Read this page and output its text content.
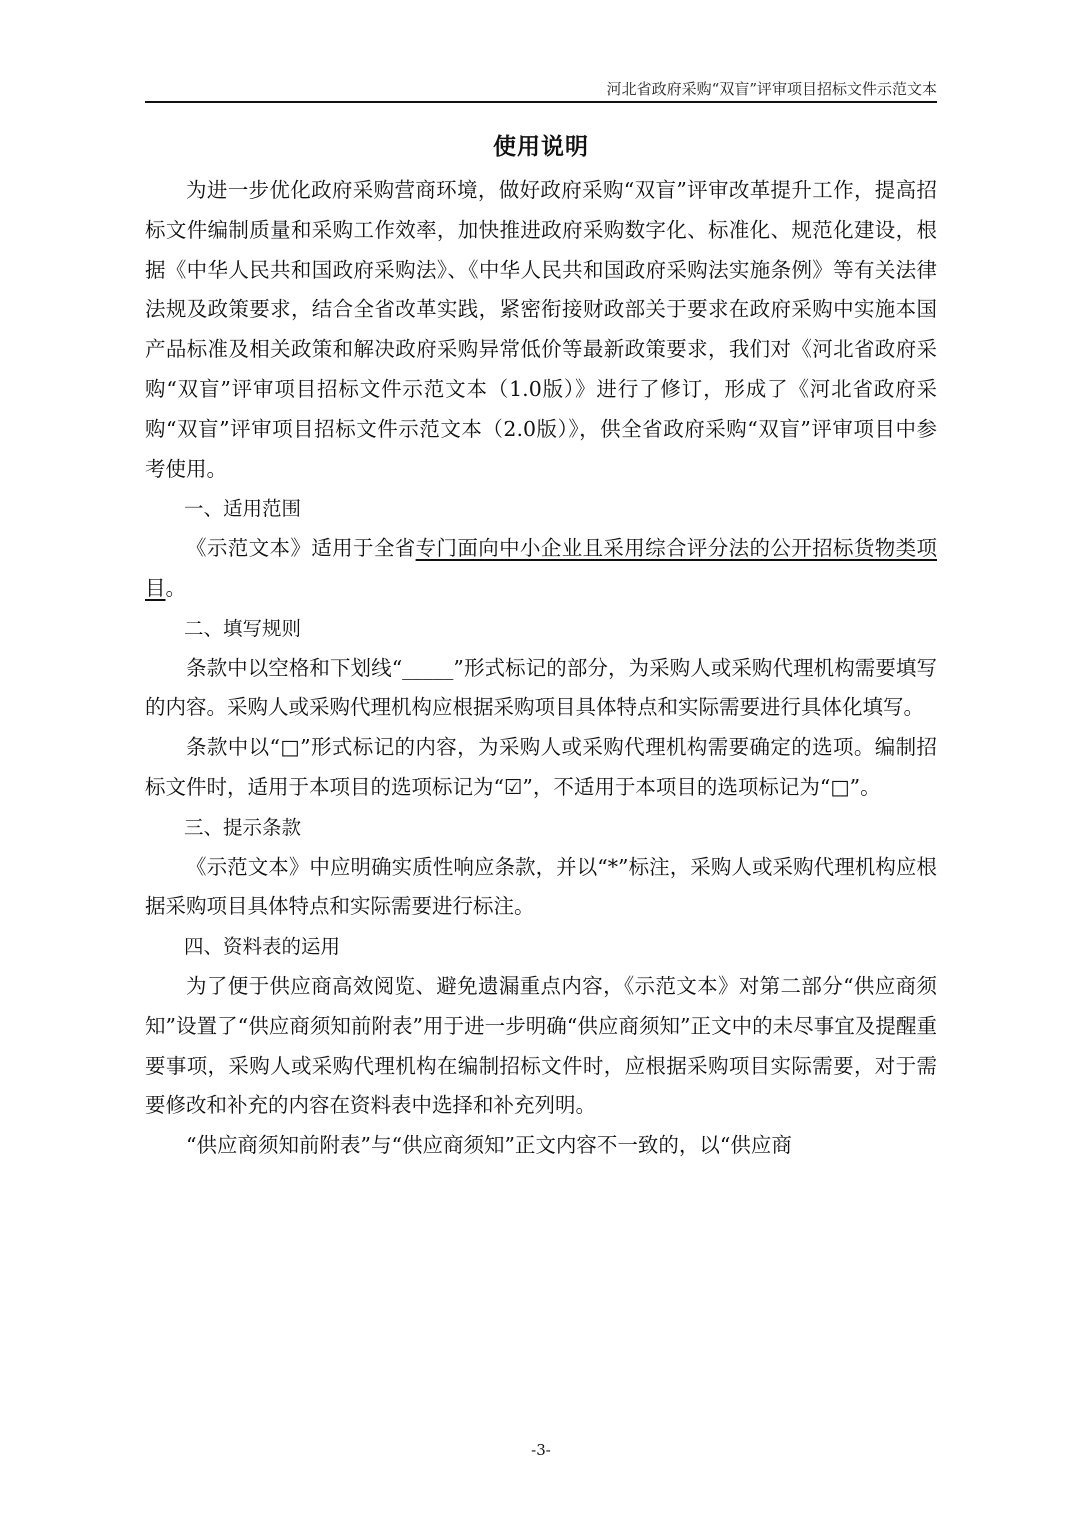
河北省政府采购“双盲”评审项目招标文件示范文本
使用说明

为进一步优化政府采购营商环境，做好政府采购“双盲”评审改革提升工作，提高招标文件编制质量和采购工作效率，加快推进政府采购数字化、标准化、规范化建设，根据《中华人民共和国政府采购法》、《中华人民共和国政府采购法实施条例》等有关法律法规及政策要求，结合全省改革实践，紧密衔接财政部关于要求在政府采购中实施本国产品标准及相关政策和解决政府采购异常低价等最新政策要求，我们对《河北省政府采购“双盲”评审项目招标文件示范文本（1.0版）》进行了修订，形成了《河北省政府采购“双盲”评审项目招标文件示范文本（2.0版）》，供全省政府采购“双盲”评审项目中参考使用。

一、适用范围

《示范文本》适用于全省专门面向中小企业且采用综合评分法的公开招标货物类项目。

二、填写规则

条款中以空格和下划线“_____”形式标记的部分，为采购人或采购代理机构需要填写的内容。采购人或采购代理机构应根据采购项目具体特点和实际需要进行具体化填写。

条款中以“□”形式标记的内容，为采购人或采购代理机构需要确定的选项。编制招标文件时，适用于本项目的选项标记为“☑”，不适用于本项目的选项标记为“□”。

三、提示条款

《示范文本》中应明确实质性响应条款，并以“*”标注，采购人或采购代理机构应根据采购项目具体特点和实际需要进行标注。

四、资料表的运用

为了便于供应商高效阅览、避免遗漏重点内容，《示范文本》对第二部分“供应商须知”设置了“供应商须知前附表”用于进一步明确“供应商须知”正文中的未尽事宜及提醒重要事项，采购人或采购代理机构在编制招标文件时，应根据采购项目实际需要，对于需要修改和补充的内容在资料表中选择和补充列明。

“供应商须知前附表”与“供应商须知”正文内容不一致的，以“供应商

-3-
